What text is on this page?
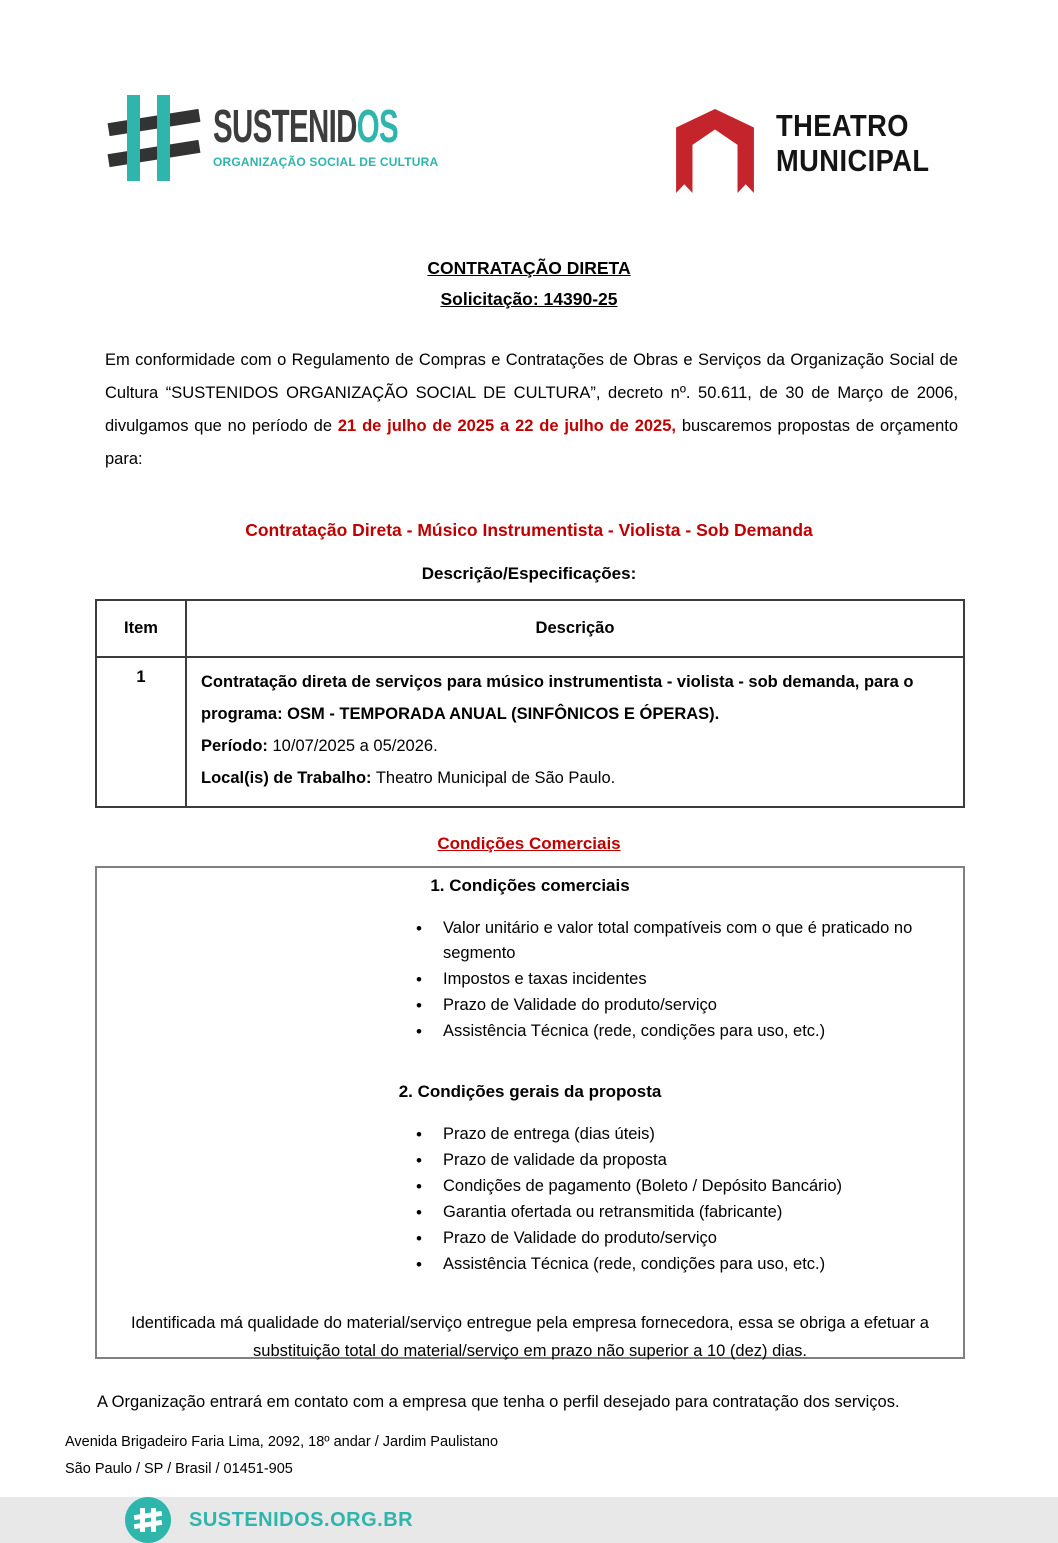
SUSTENIDOS
ORGANIZAÇÃO SOCIAL DE CULTURA
THEATRO
MUNICIPAL
CONTRATAÇÃO DIRETA
Solicitação: 14390-25

Em conformidade com o Regulamento de Compras e Contratações de Obras e Serviços da Organização Social de Cultura “SUSTENIDOS ORGANIZAÇÃO SOCIAL DE CULTURA”, decreto nº. 50.611, de 30 de Março de 2006, divulgamos que no período de 21 de julho de 2025 a 22 de julho de 2025, buscaremos propostas de orçamento para:

Contratação Direta - Músico Instrumentista - Violista - Sob Demanda
Descrição/Especificações:
Item	Descrição
1	Contratação direta de serviços para músico instrumentista - violista - sob demanda, para o programa: OSM - TEMPORADA ANUAL (SINFÔNICOS E ÓPERAS).
Período: 10/07/2025 a 05/2026.
Local(is) de Trabalho: Theatro Municipal de São Paulo.
Condições Comerciais
1. Condições comerciais
• Valor unitário e valor total compatíveis com o que é praticado no segmento
• Impostos e taxas incidentes
• Prazo de Validade do produto/serviço
• Assistência Técnica (rede, condições para uso, etc.)
2. Condições gerais da proposta
• Prazo de entrega (dias úteis)
• Prazo de validade da proposta
• Condições de pagamento (Boleto / Depósito Bancário)
• Garantia ofertada ou retransmitida (fabricante)
• Prazo de Validade do produto/serviço
• Assistência Técnica (rede, condições para uso, etc.)

Identificada má qualidade do material/serviço entregue pela empresa fornecedora, essa se obriga a efetuar a substituição total do material/serviço em prazo não superior a 10 (dez) dias.

A Organização entrará em contato com a empresa que tenha o perfil desejado para contratação dos serviços.

Avenida Brigadeiro Faria Lima, 2092, 18º andar / Jardim Paulistano
São Paulo / SP / Brasil / 01451-905
SUSTENIDOS.ORG.BR
